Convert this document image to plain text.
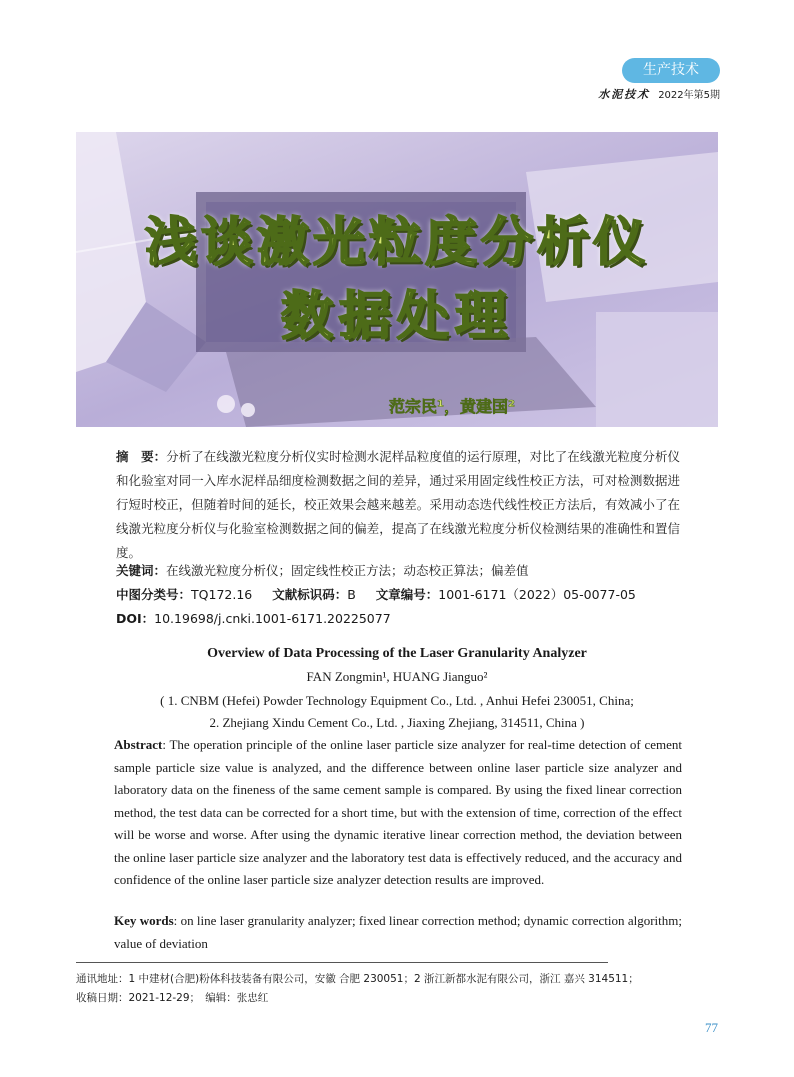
生产技术
水泥技术 2022年第5期
浅谈激光粒度分析仪
数据处理
范宗民¹，黄建国²
摘　要：分析了在线激光粒度分析仪实时检测水泥样品粒度值的运行原理，对比了在线激光粒度分析仪和化验室对同一入库水泥样品细度检测数据之间的差异，通过采用固定线性校正方法，可对检测数据进行短时校正，但随着时间的延长，校正效果会越来越差。采用动态迭代线性校正方法后，有效减小了在线激光粒度分析仪与化验室检测数据之间的偏差，提高了在线激光粒度分析仪检测结果的准确性和置信度。
关键词：在线激光粒度分析仪；固定线性校正方法；动态校正算法；偏差值
中图分类号：TQ172.16 文献标识码：B 文章编号：1001-6171（2022）05-0077-05
DOI：10.19698/j.cnki.1001-6171.20225077
Overview of Data Processing of the Laser Granularity Analyzer
FAN Zongmin¹, HUANG Jianguo²
( 1. CNBM (Hefei) Powder Technology Equipment Co., Ltd. , Anhui Hefei 230051, China;
2. Zhejiang Xindu Cement Co., Ltd. , Jiaxing Zhejiang, 314511, China )
Abstract: The operation principle of the online laser particle size analyzer for real-time detection of cement sample particle size value is analyzed, and the difference between online laser particle size analyzer and laboratory data on the fineness of the same cement sample is compared. By using the fixed linear correction method, the test data can be corrected for a short time, but with the extension of time, correction of the effect will be worse and worse. After using the dynamic iterative linear correction method, the deviation between the online laser particle size analyzer and the laboratory test data is effectively reduced, and the accuracy and confidence of the online laser particle size analyzer detection results are improved.
Key words: on line laser granularity analyzer; fixed linear correction method; dynamic correction algorithm; value of deviation
通讯地址：1 中建材(合肥)粉体科技装备有限公司，安徽 合肥 230051；2 浙江新都水泥有限公司，浙江 嘉兴 314511；
收稿日期：2021-12-29；　编辑：张忠红
77
